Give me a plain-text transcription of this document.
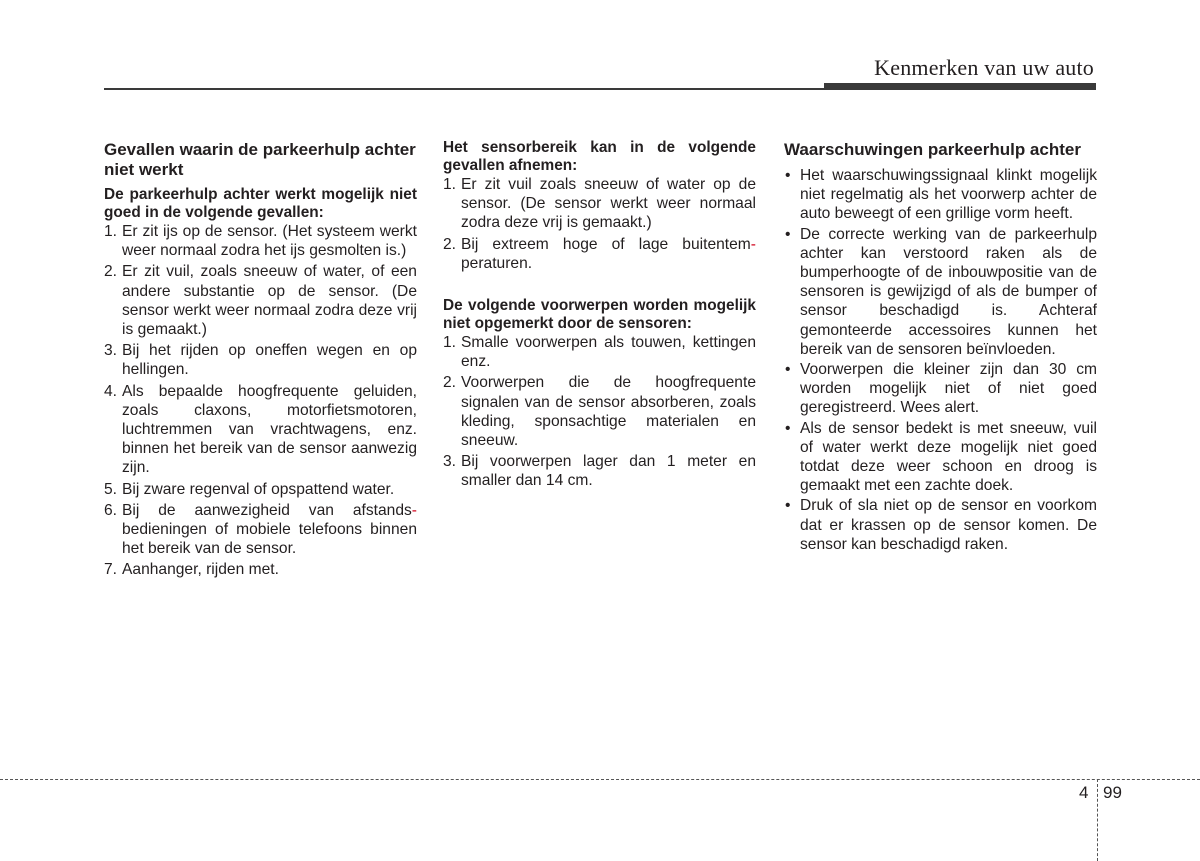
Kenmerken van uw auto
Gevallen waarin de parkeerhulp achter niet werkt
De parkeerhulp achter werkt mogelijk niet goed in de volgende gevallen:
1. Er zit ijs op de sensor. (Het systeem werkt weer normaal zodra het ijs gesmolten is.)
2. Er zit vuil, zoals sneeuw of water, of een andere substantie op de sensor. (De sensor werkt weer normaal zodra deze vrij is gemaakt.)
3. Bij het rijden op oneffen wegen en op hellingen.
4. Als bepaalde hoogfrequente geluiden, zoals claxons, motorfietsmotoren, luchtremmen van vrachtwagens, enz. binnen het bereik van de sensor aanwezig zijn.
5. Bij zware regenval of opspattend water.
6. Bij de aanwezigheid van afstands- bedieningen of mobiele telefoons binnen het bereik van de sensor.
7. Aanhanger, rijden met.
Het sensorbereik kan in de volgende gevallen afnemen:
1. Er zit vuil zoals sneeuw of water op de sensor. (De sensor werkt weer normaal zodra deze vrij is gemaakt.)
2. Bij extreem hoge of lage buitentem- peraturen.
De volgende voorwerpen worden mogelijk niet opgemerkt door de sensoren:
1. Smalle voorwerpen als touwen, kettingen enz.
2. Voorwerpen die de hoogfrequente signalen van de sensor absorberen, zoals kleding, sponsachtige materialen en sneeuw.
3. Bij voorwerpen lager dan 1 meter en smaller dan 14 cm.
Waarschuwingen parkeerhulp achter
• Het waarschuwingssignaal klinkt mogelijk niet regelmatig als het voorwerp achter de auto beweegt of een grillige vorm heeft.
• De correcte werking van de parkeerhulp achter kan verstoord raken als de bumperhoogte of de inbouwpositie van de sensoren is gewijzigd of als de bumper of sensor beschadigd is. Achteraf gemonteerde accessoires kunnen het bereik van de sensoren beïnvloeden.
• Voorwerpen die kleiner zijn dan 30 cm worden mogelijk niet of niet goed geregistreerd. Wees alert.
• Als de sensor bedekt is met sneeuw, vuil of water werkt deze mogelijk niet goed totdat deze weer schoon en droog is gemaakt met een zachte doek.
• Druk of sla niet op de sensor en voorkom dat er krassen op de sensor komen. De sensor kan beschadigd raken.
4 99
